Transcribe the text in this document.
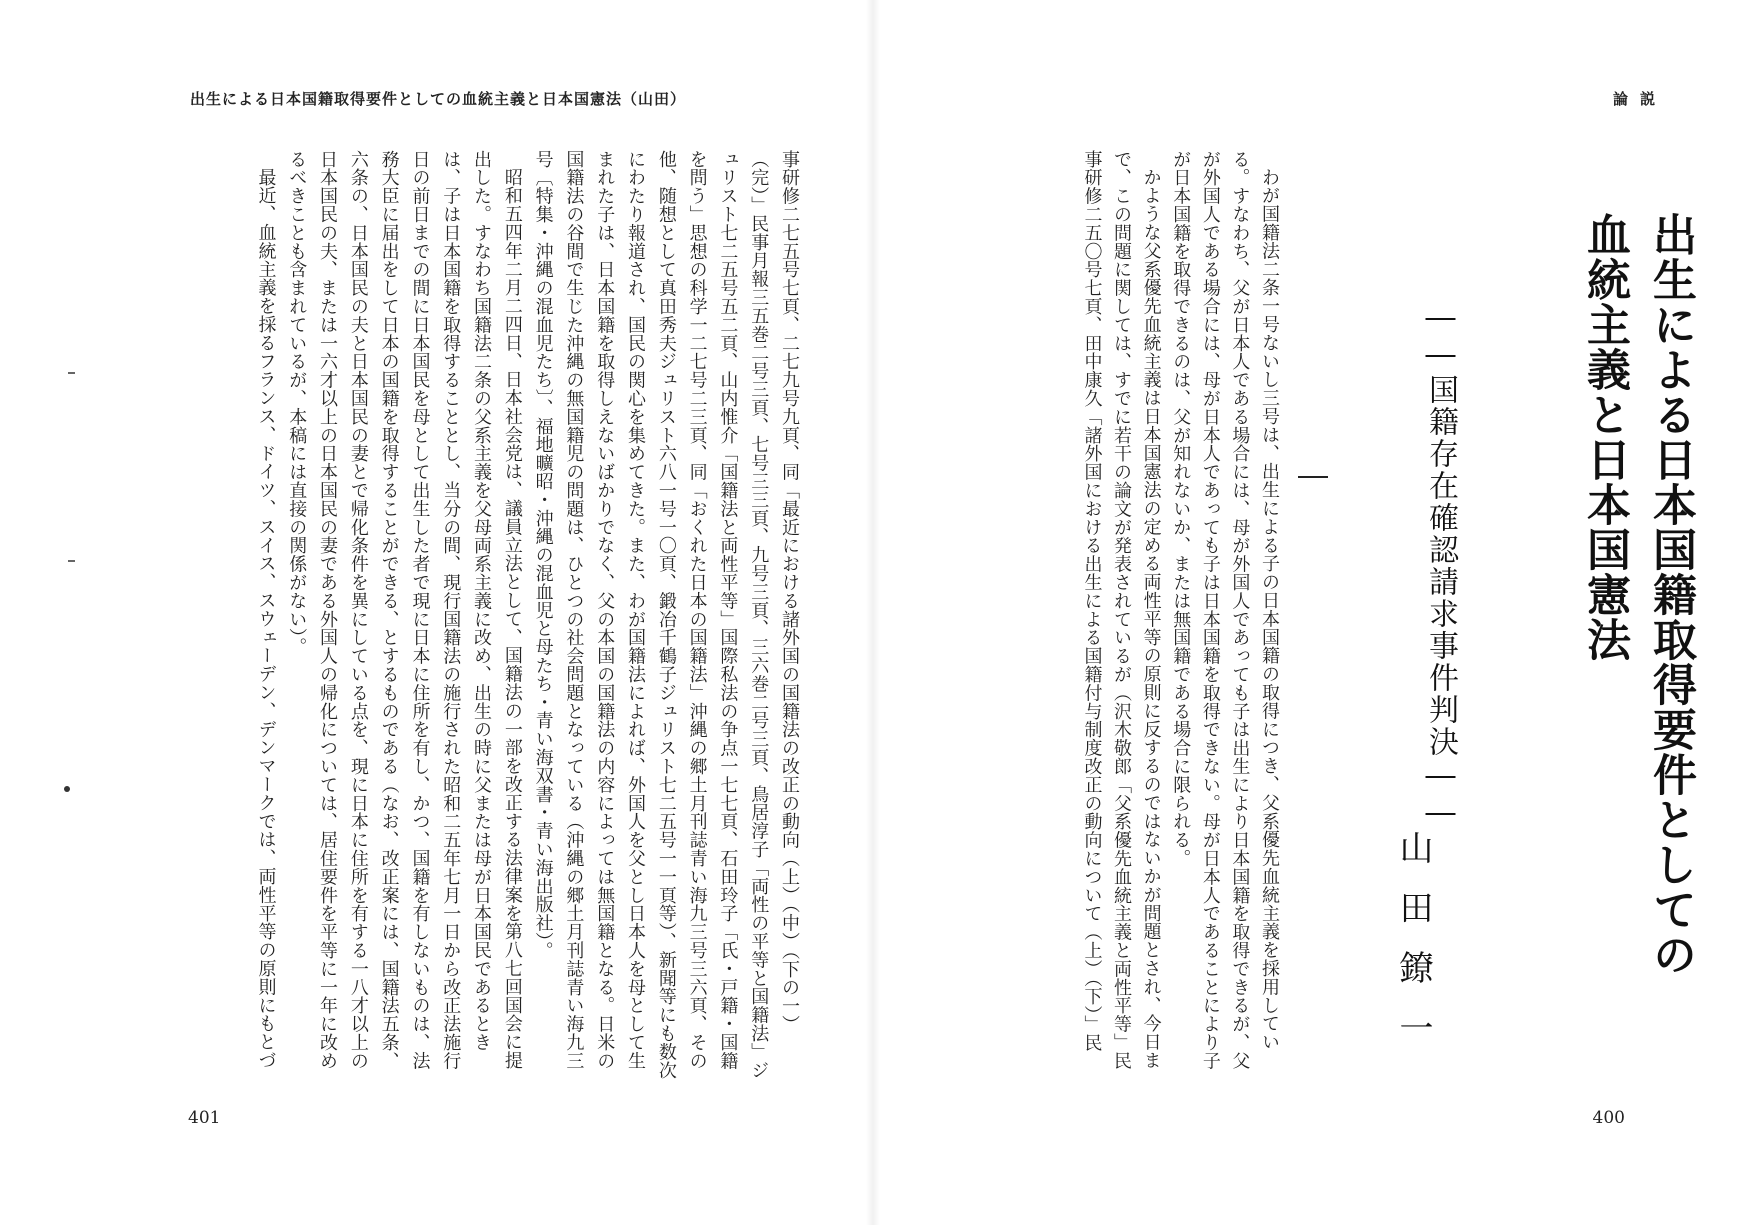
出生による日本国籍取得要件としての血統主義と日本国憲法（山田）

事研修二七五号七頁、二七九号九頁、同「最近における諸外国の国籍法の改正の動向（上）（中）（下の一）（完）」民事月報三五巻二号三頁、七号三三頁、九号三頁、三六巻二号三頁、鳥居淳子「両性の平等と国籍法」ジュリスト七二五号五二頁、山内惟介「国籍法と両性平等」国際私法の争点一七七頁、石田玲子「氏・戸籍・国籍を問う」思想の科学一二七号二三頁、同「おくれた日本の国籍法」沖縄の郷土月刊誌青い海九三号三六頁、その他、随想として真田秀夫ジュリスト六八一号一〇頁、鍛冶千鶴子ジュリスト七二五号一一頁等）、新聞等にも数次にわたり報道され、国民の関心を集めてきた。また、わが国籍法によれば、外国人を父とし日本人を母として生まれた子は、日本国籍を取得しえないばかりでなく、父の本国の国籍法の内容によっては無国籍となる。日米の国籍法の谷間で生じた沖縄の無国籍児の問題は、ひとつの社会問題となっている（沖縄の郷土月刊誌青い海九三号〔特集・沖縄の混血児たち〕、福地曠昭・沖縄の混血児と母たち・青い海双書・青い海出版社）。

昭和五四年二月二四日、日本社会党は、議員立法として、国籍法の一部を改正する法律案を第八七回国会に提出した。すなわち国籍法二条の父系主義を父母両系主義に改め、出生の時に父または母が日本国民であるときは、子は日本国籍を取得することとし、当分の間、現行国籍法の施行された昭和二五年七月一日から改正法施行日の前日までの間に日本国民を母として出生した者で現に日本に住所を有し、かつ、国籍を有しないものは、法務大臣に届出をして日本の国籍を取得することができる、とするものである（なお、改正案には、国籍法五条、六条の、日本国民の夫と日本国民の妻とで帰化条件を異にしている点を、現に日本に住所を有する一八才以上の日本国民の夫、または一六才以上の日本国民の妻である外国人の帰化については、居住要件を平等に一年に改めるべきことも含まれているが、本稿には直接の関係がない）。

最近、血統主義を採るフランス、ドイツ、スイス、スウェーデン、デンマークでは、両性平等の原則にもとづ

401
論説
出生による日本国籍取得要件としての
血統主義と日本国憲法
――国籍存在確認請求事件判決――
山田鐐一

わが国籍法二条一号ないし三号は、出生による子の日本国籍の取得につき、父系優先血統主義を採用している。すなわち、父が日本人である場合には、母が外国人であっても子は出生により日本国籍を取得できるが、父が外国人である場合には、母が日本人であっても子は日本国籍を取得できない。母が日本人であることにより子が日本国籍を取得できるのは、父が知れないか、または無国籍である場合に限られる。

かような父系優先血統主義は日本国憲法の定める両性平等の原則に反するのではないかが問題とされ、今日まで、この問題に関しては、すでに若干の論文が発表されているが（沢木敬郎「父系優先血統主義と両性平等」民事研修二五〇号七頁、田中康久「諸外国における出生による国籍付与制度改正の動向について（上）（下）」民

400
